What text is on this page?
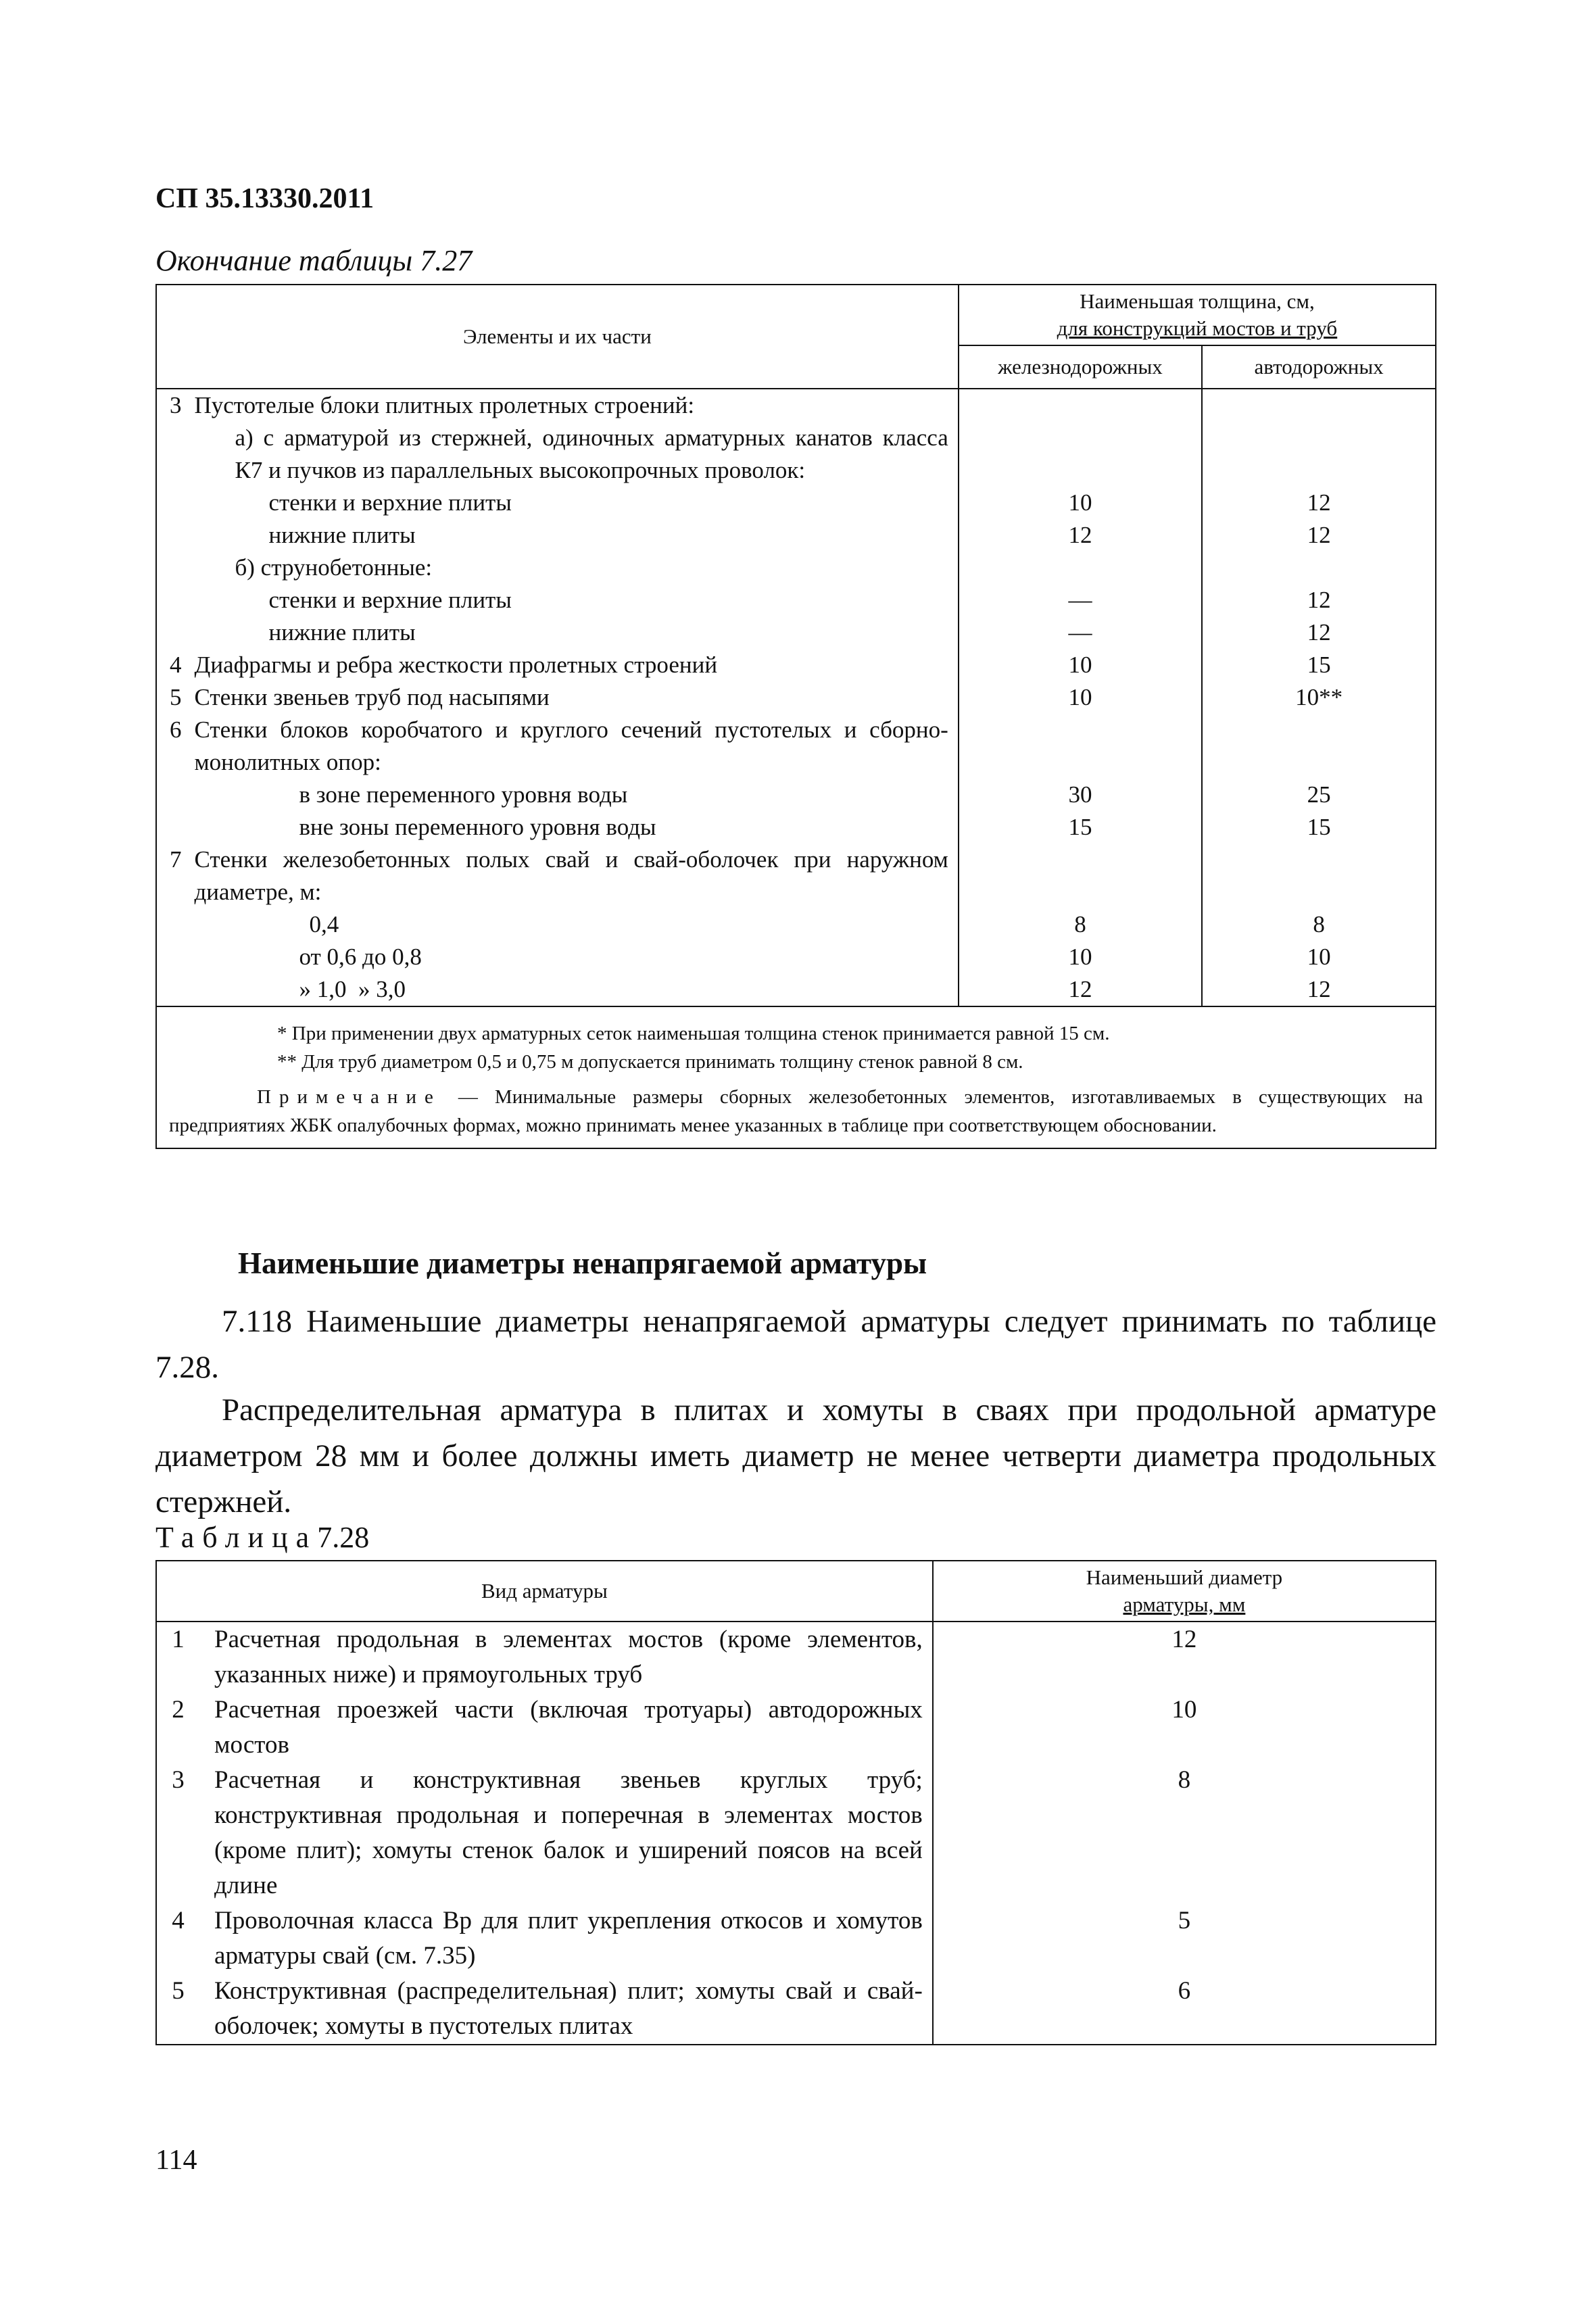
СП 35.13330.2011
Окончание таблицы 7.27
Элементы и их части		Наименьшая толщина, см,
для конструкций мостов и труб	

		железнодорожных	автодорожных
3	Пустотелые блоки плитных пролетных строений:		
	а) с арматурой из стержней, одиночных арматурных канатов класса К7 и пучков из параллельных высокопрочных проволок:		
	стенки и верхние плиты	10	12
	нижние плиты	12	12
	б) струнобетонные:		
	стенки и верхние плиты	—	12
	нижние плиты	—	12
4	Диафрагмы и ребра жесткости пролетных строений	10	15
5	Стенки звеньев труб под насыпями	10	10**
6	Стенки блоков коробчатого и круглого сечений пустотелых и сборно-монолитных опор:		
	в зоне переменного уровня воды	30	25
	вне зоны переменного уровня воды	15	15
7	Стенки железобетонных полых свай и свай-оболочек при наружном диаметре, м:		
	0,4	8	8
	от 0,6 до 0,8	10	10
	» 1,0  » 3,0	12	12

* При применении двух арматурных сеток наименьшая толщина стенок принимается равной 15 см.
** Для труб диаметром 0,5 и 0,75 м допускается принимать толщину стенок равной 8 см.
Примечание — Минимальные размеры сборных железобетонных элементов, изготавливаемых в существующих на предприятиях ЖБК опалубочных формах, можно принимать менее указанных в таблице при соответствующем обосновании.			
Наименьшие диаметры ненапрягаемой арматуры
7.118 Наименьшие диаметры ненапрягаемой арматуры следует принимать по таблице 7.28.
Распределительная арматура в плитах и хомуты в сваях при продольной арматуре диаметром 28 мм и более должны иметь диаметр не менее четверти диаметра продольных стержней.
Таблица7.28
Вид арматуры		Наименьший диаметр
арматуры, мм

1	Расчетная продольная в элементах мостов (кроме элементов, указанных ниже) и прямоугольных труб	12
2	Расчетная проезжей части (включая тротуары) автодорожных мостов	10
3	Расчетная и конструктивная звеньев круглых труб; конструктивная продольная и поперечная в элементах мостов (кроме плит); хомуты стенок балок и уширений поясов на всей длине	8
4	Проволочная класса Вр для плит укрепления откосов и хомутов арматуры свай (см. 7.35)	5
5	Конструктивная (распределительная) плит; хомуты свай и свай-оболочек; хомуты в пустотелых плитах	6
114
